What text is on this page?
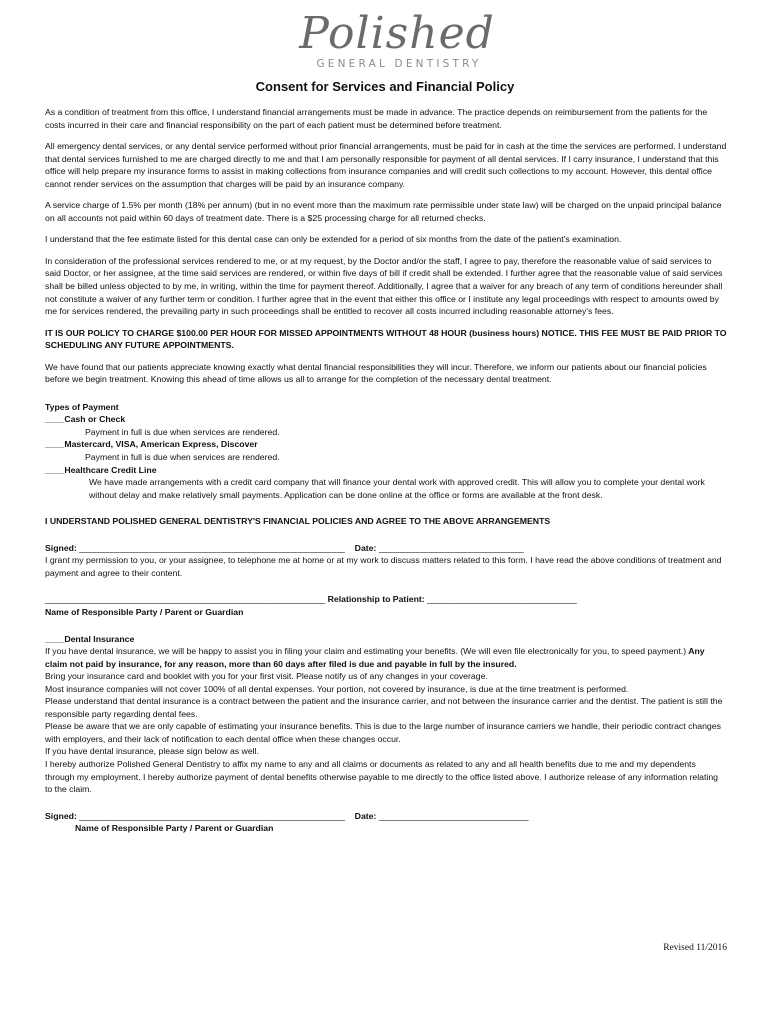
Polished
GENERAL DENTISTRY
Consent for Services and Financial Policy

As a condition of treatment from this office, I understand financial arrangements must be made in advance. The practice depends on reimbursement from the patients for the costs incurred in their care and financial responsibility on the part of each patient must be determined before treatment.

All emergency dental services, or any dental service performed without prior financial arrangements, must be paid for in cash at the time the services are performed. I understand that dental services furnished to me are charged directly to me and that I am personally responsible for payment of all dental services. If I carry insurance, I understand that this office will help prepare my insurance forms to assist in making collections from insurance companies and will credit such collections to my account. However, this dental office cannot render services on the assumption that charges will be paid by an insurance company.

A service charge of 1.5% per month (18% per annum) (but in no event more than the maximum rate permissible under state law) will be charged on the unpaid principal balance on all accounts not paid within 60 days of treatment date. There is a $25 processing charge for all returned checks.

I understand that the fee estimate listed for this dental case can only be extended for a period of six months from the date of the patient's examination.

In consideration of the professional services rendered to me, or at my request, by the Doctor and/or the staff, I agree to pay, therefore the reasonable value of said services to said Doctor, or her assignee, at the time said services are rendered, or within five days of bill if credit shall be extended. I further agree that the reasonable value of said services shall be billed unless objected to by me, in writing, within the time for payment thereof. Additionally, I agree that a waiver for any breach of any term of conditions hereunder shall not constitute a waiver of any further term or condition. I further agree that in the event that either this office or I institute any legal proceedings with respect to amounts owed by me for services rendered, the prevailing party in such proceedings shall be entitled to recover all costs incurred including reasonable attorney's fees.

IT IS OUR POLICY TO CHARGE $100.00 PER HOUR FOR MISSED APPOINTMENTS WITHOUT 48 HOUR (business hours) NOTICE. THIS FEE MUST BE PAID PRIOR TO SCHEDULING ANY FUTURE APPOINTMENTS.

We have found that our patients appreciate knowing exactly what dental financial responsibilities they will incur. Therefore, we inform our patients about our financial policies before we begin treatment. Knowing this ahead of time allows us all to arrange for the completion of the necessary dental treatment.

Types of Payment
____Cash or Check
Payment in full is due when services are rendered.
____Mastercard, VISA, American Express, Discover
Payment in full is due when services are rendered.
____Healthcare Credit Line
We have made arrangements with a credit card company that will finance your dental work with approved credit. This will allow you to complete your dental work without delay and make relatively small payments. Application can be done online at the office or forms are available at the front desk.
I UNDERSTAND POLISHED GENERAL DENTISTRY'S FINANCIAL POLICIES AND AGREE TO THE ABOVE ARRANGEMENTS
Signed: _______________________________________________________ Date: ______________________________
I grant my permission to you, or your assignee, to telephone me at home or at my work to discuss matters related to this form. I have read the above conditions of treatment and payment and agree to their content.
__________________________________________________________ Relationship to Patient: _______________________________
Name of Responsible Party / Parent or Guardian
____Dental Insurance
If you have dental insurance, we will be happy to assist you in filing your claim and estimating your benefits. (We will even file electronically for you, to speed payment.) Any claim not paid by insurance, for any reason, more than 60 days after filed is due and payable in full by the insured.
Bring your insurance card and booklet with you for your first visit. Please notify us of any changes in your coverage.
Most insurance companies will not cover 100% of all dental expenses. Your portion, not covered by insurance, is due at the time treatment is performed.
Please understand that dental insurance is a contract between the patient and the insurance carrier, and not between the insurance carrier and the dentist. The patient is still the responsible party regarding dental fees.
Please be aware that we are only capable of estimating your insurance benefits. This is due to the large number of insurance carriers we handle, their periodic contract changes with employers, and their lack of notification to each dental office when these changes occur.
If you have dental insurance, please sign below as well.
I hereby authorize Polished General Dentistry to affix my name to any and all claims or documents as related to any and all health benefits due to me and my dependents through my employment. I hereby authorize payment of dental benefits otherwise payable to me directly to the office listed above. I authorize release of any information relating to the claim.
Signed: _______________________________________________________ Date: _______________________________
Name of Responsible Party / Parent or Guardian
Revised 11/2016
